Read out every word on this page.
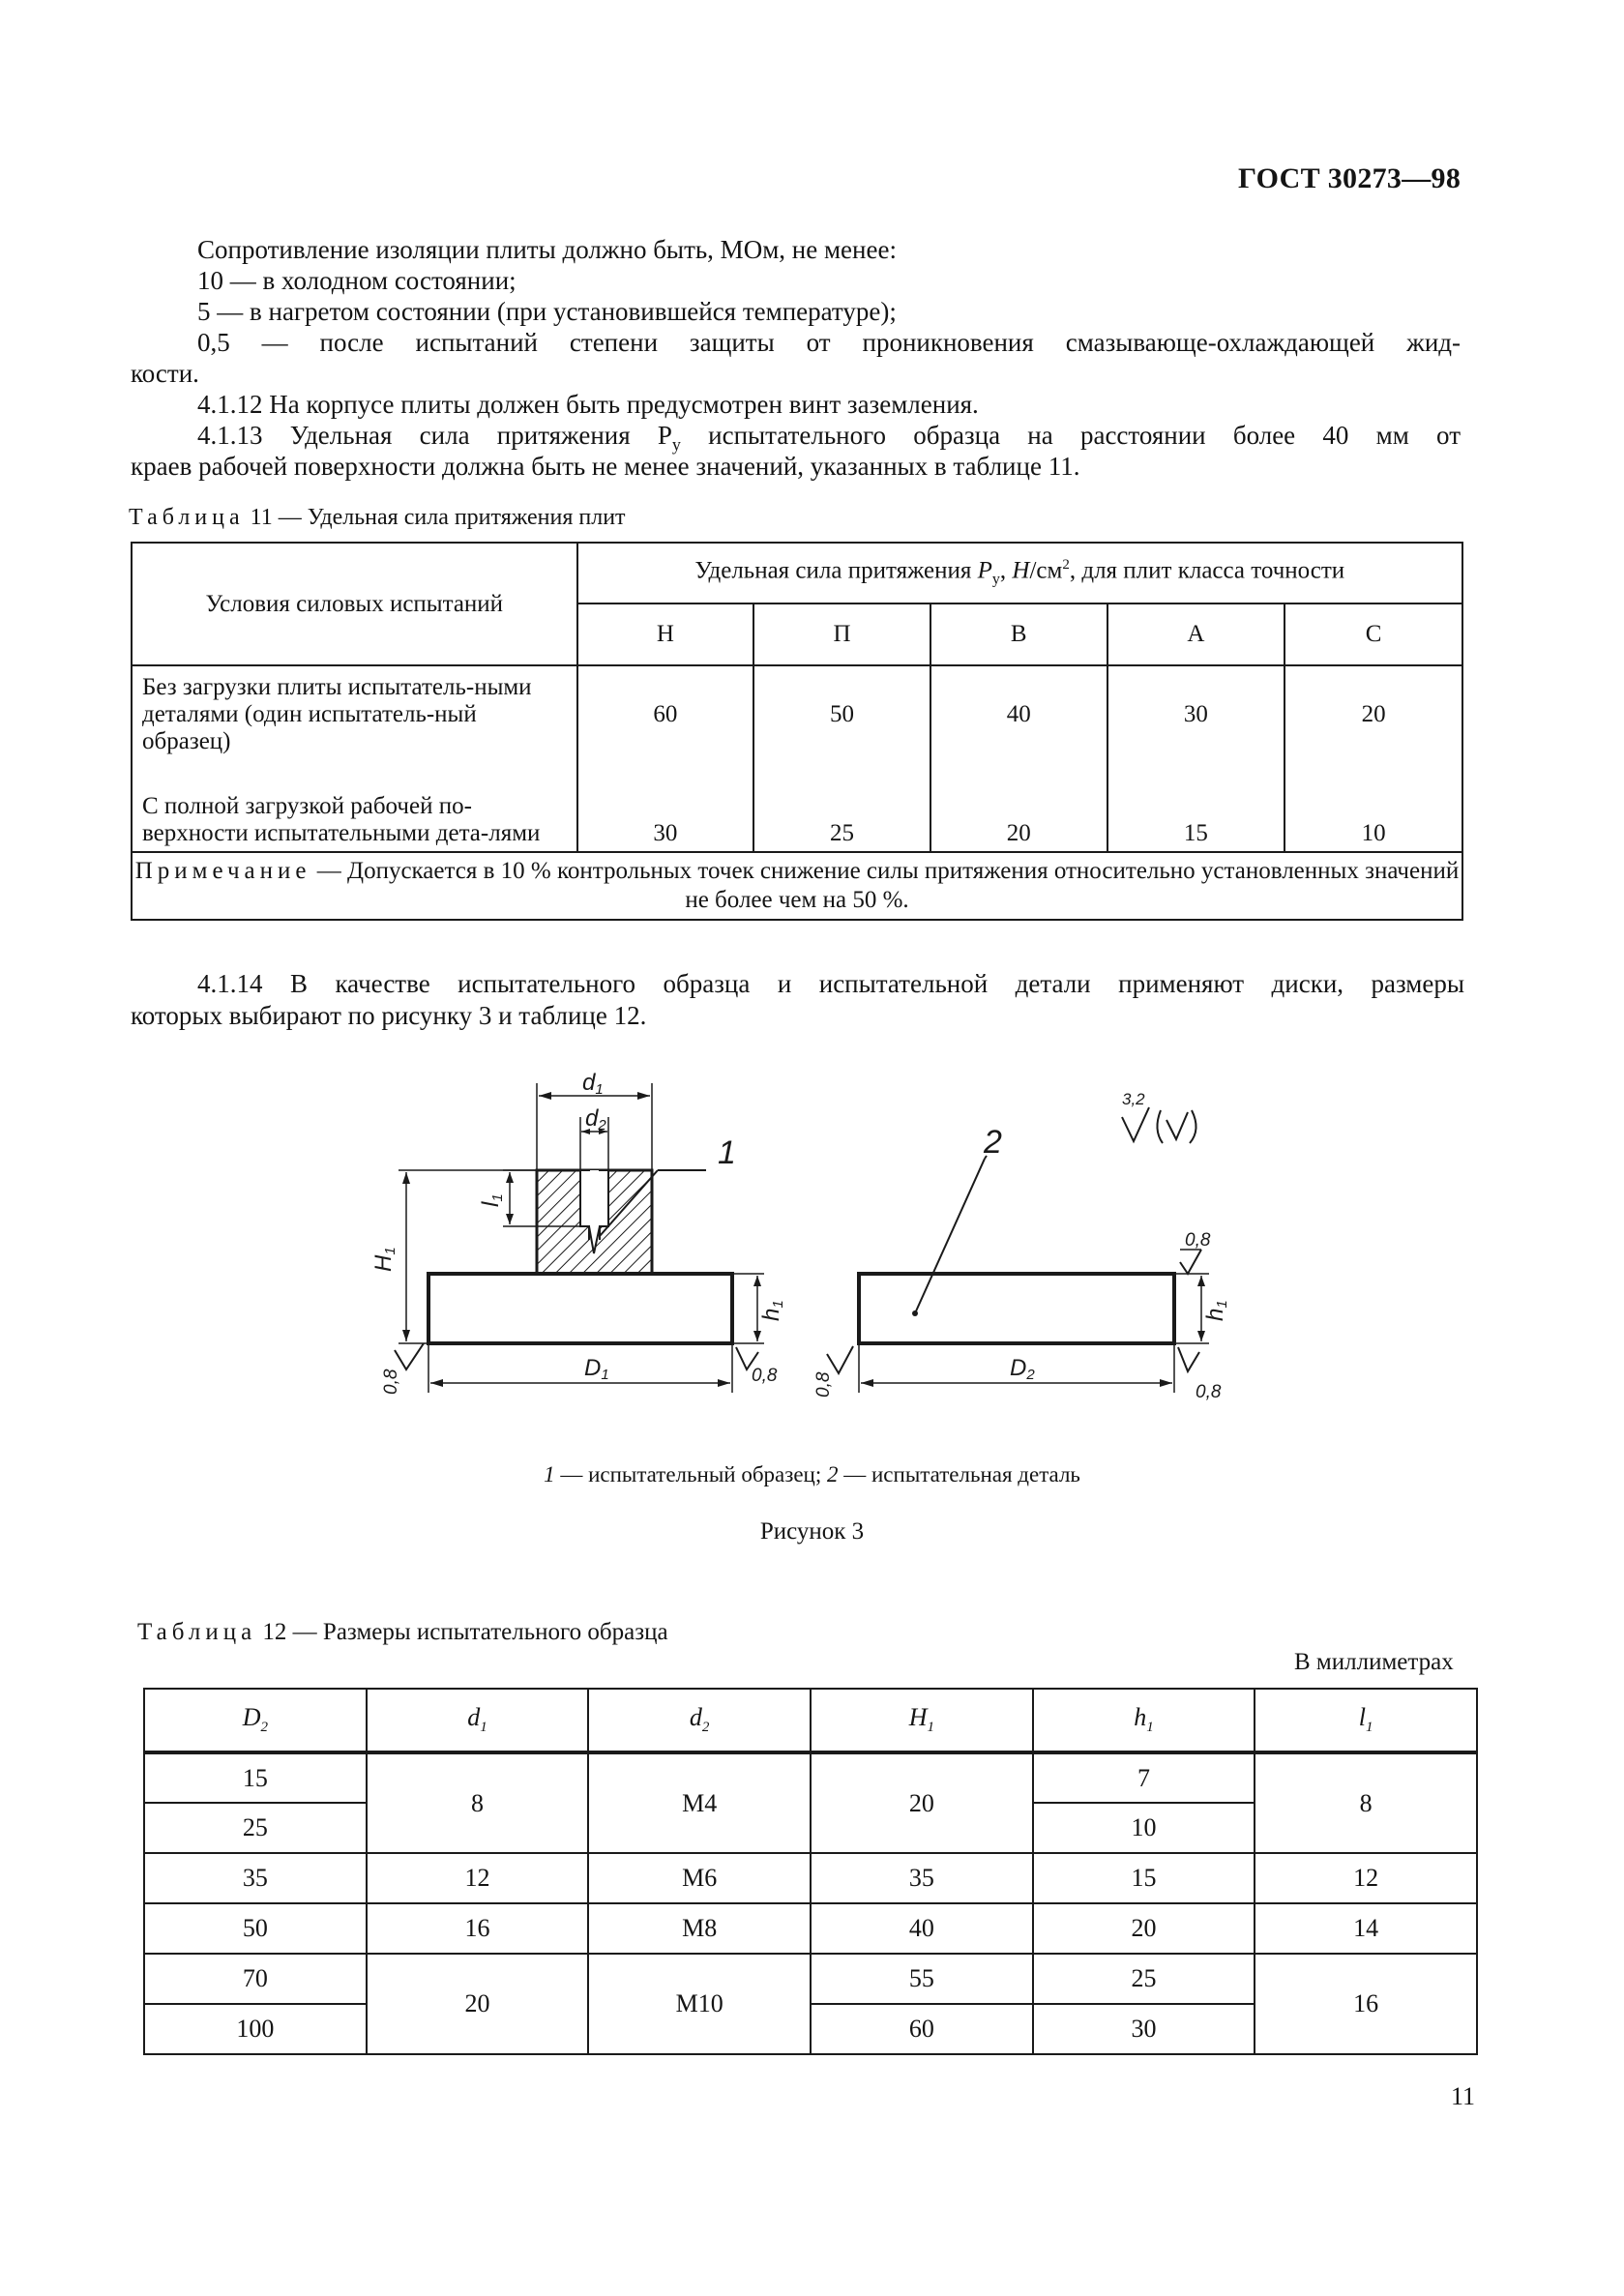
ГОСТ 30273—98
Сопротивление изоляции плиты должно быть, МОм, не менее:
10 — в холодном состоянии;
5 — в нагретом состоянии (при установившейся температуре);
0,5 — после испытаний степени защиты от проникновения смазывающе-охлаждающей жид-
кости.
4.1.12 На корпусе плиты должен быть предусмотрен винт заземления.
4.1.13 Удельная сила притяжения $Р_у$ испытательного образца на расстоянии более 40 мм от
краев рабочей поверхности должна быть не менее значений, указанных в таблице 11.
Таблица 11 — Удельная сила притяжения плит
Условия силовых испытаний	Удельная сила притяжения $Р_у$, $Н/см^2$, для плит класса точности				
	Н	П	В	А	С
Без загрузки плиты испытатель-ными деталями (один испытатель-ный образец)	60	50	40	30	20
С полной загрузкой рабочей по-верхности испытательными дета-лями	30	25	20	15	10
Примечание — Допускается в 10 % контрольных точек снижение силы притяжения относительно установленных значений не более чем на 50 %.					
4.1.14 В качестве испытательного образца и испытательной детали применяют диски, размеры
которых выбирают по рисунку 3 и таблице 12.
d1
d2
l1
H1
h1
h1
D1	D2
0,8	0,8 0,8	0,8
0,8
3,2
1	2
1 — испытательный образец; 2 — испытательная деталь
Рисунок 3
Таблица 12 — Размеры испытательного образца
В миллиметрах
$D_2$	$d_1$	$d_2$	$H_1$	$h_1$	$l_1$
15	8	М4	20	7	8
25				10	
35	12	М6	35	15	12
50	16	М8	40	20	14
70	20	М10	55	25	16
100			60	30	
11
